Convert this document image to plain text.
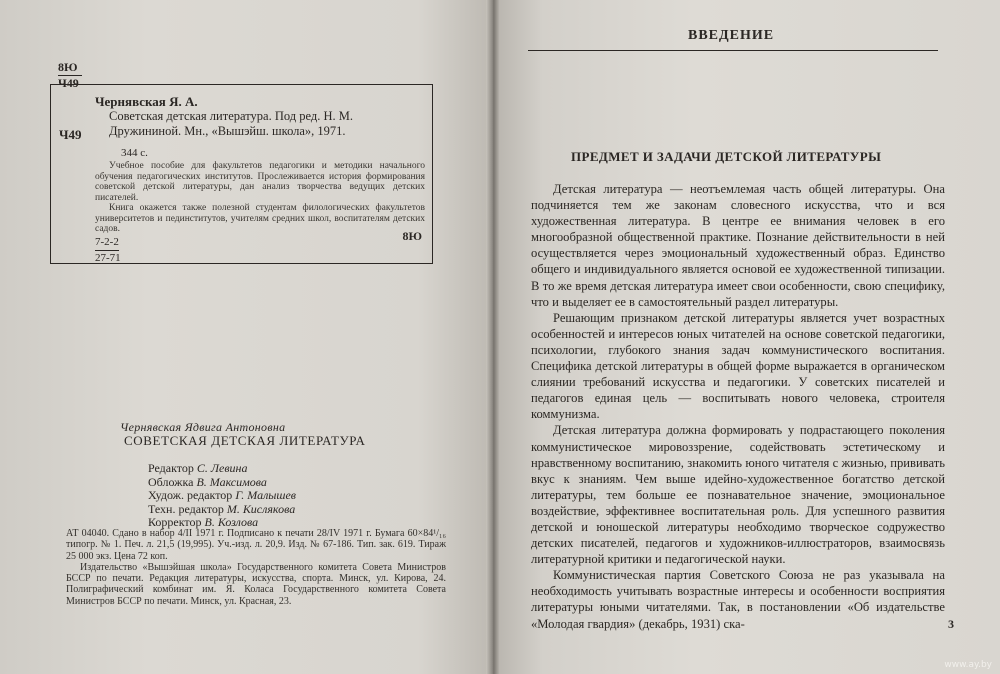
8Ю
Ч49
Ч49
Чернявская Я. А.
Советская детская литература. Под ред. Н. М. Дружининой. Мн., «Вышэйш. школа», 1971.
344 с.

Учебное пособие для факультетов педагогики и методики начального обучения педагогических институтов. Прослеживается история формирования советской детской литературы, дан анализ творчества ведущих детских писателей.

Книга окажется также полезной студентам филологических факультетов университетов и пединститутов, учителям средних школ, воспитателям детских садов.

7-2-2
27-71
8Ю
Чернявская Ядвига Антоновна
СОВЕТСКАЯ ДЕТСКАЯ ЛИТЕРАТУРА
Редактор С. Левина
Обложка В. Максимова
Худож. редактор Г. Малышев
Техн. редактор М. Кислякова
Корректор В. Козлова

АТ 04040. Сдано в набор 4/II 1971 г. Подписано к печати 28/IV 1971 г. Бумага 60×84¹/₁₆ типогр. № 1. Печ. л. 21,5 (19,995). Уч.-изд. л. 20,9. Изд. № 67-186. Тип. зак. 619. Тираж 25 000 экз. Цена 72 коп.

Издательство «Вышэйшая школа» Государственного комитета Совета Министров БССР по печати. Редакция литературы, искусства, спорта. Минск, ул. Кирова, 24. Полиграфический комбинат им. Я. Коласа Государственного комитета Совета Министров БССР по печати. Минск, ул. Красная, 23.

ВВЕДЕНИЕ
ПРЕДМЕТ И ЗАДАЧИ ДЕТСКОЙ ЛИТЕРАТУРЫ

Детская литература — неотъемлемая часть общей литературы. Она подчиняется тем же законам словесного искусства, что и вся художественная литература. В центре ее внимания человек в его многообразной общественной практике. Познание действительности в ней осуществляется через эмоциональный художественный образ. Единство общего и индивидуального является основой ее художественной типизации. В то же время детская литература имеет свои особенности, свою специфику, что и выделяет ее в самостоятельный раздел литературы.

Решающим признаком детской литературы является учет возрастных особенностей и интересов юных читателей на основе советской педагогики, психологии, глубокого знания задач коммунистического воспитания. Специфика детской литературы в общей форме выражается в органическом слиянии требований искусства и педагогики. У советских писателей и педагогов единая цель — воспитывать нового человека, строителя коммунизма.

Детская литература должна формировать у подрастающего поколения коммунистическое мировоззрение, содействовать эстетическому и нравственному воспитанию, знакомить юного читателя с жизнью, прививать вкус к знаниям. Чем выше идейно-художественное богатство детской литературы, тем больше ее познавательное значение, эмоциональное воздействие, эффективнее воспитательная роль. Для успешного развития детской и юношеской литературы необходимо творческое содружество детских писателей, педагогов и художников-иллюстраторов, взаимосвязь литературной критики и педагогической науки.

Коммунистическая партия Советского Союза не раз указывала на необходимость учитывать возрастные интересы и особенности восприятия литературы юными читателями. Так, в постановлении «Об издательстве «Молодая гвардия» (декабрь, 1931) ска-	3
www.ay.by
